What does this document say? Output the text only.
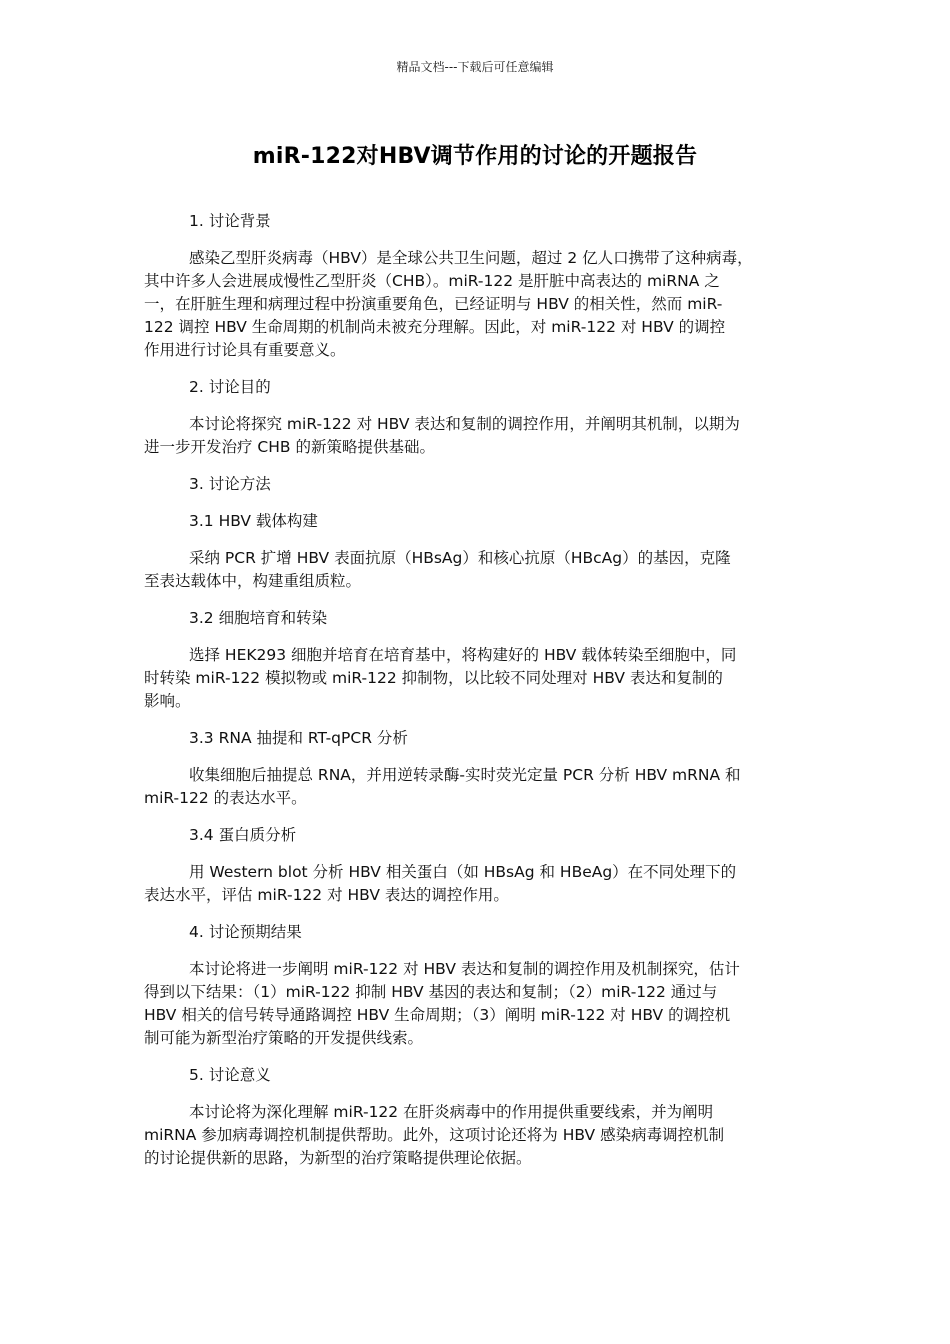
精品文档---下载后可任意编辑
miR-122对HBV调节作用的讨论的开题报告
1. 讨论背景
感染乙型肝炎病毒（HBV）是全球公共卫生问题，超过 2 亿人口携带了这种病毒，
其中许多人会进展成慢性乙型肝炎（CHB）。miR-122 是肝脏中高表达的 miRNA 之
一，在肝脏生理和病理过程中扮演重要角色，已经证明与 HBV 的相关性，然而 miR-
122 调控 HBV 生命周期的机制尚未被充分理解。因此，对 miR-122 对 HBV 的调控
作用进行讨论具有重要意义。
2. 讨论目的
本讨论将探究 miR-122 对 HBV 表达和复制的调控作用，并阐明其机制，以期为
进一步开发治疗 CHB 的新策略提供基础。
3. 讨论方法
3.1 HBV 载体构建
采纳 PCR 扩增 HBV 表面抗原（HBsAg）和核心抗原（HBcAg）的基因，克隆
至表达载体中，构建重组质粒。
3.2 细胞培育和转染
选择 HEK293 细胞并培育在培育基中，将构建好的 HBV 载体转染至细胞中，同
时转染 miR-122 模拟物或 miR-122 抑制物，以比较不同处理对 HBV 表达和复制的
影响。
3.3 RNA 抽提和 RT-qPCR 分析
收集细胞后抽提总 RNA，并用逆转录酶-实时荧光定量 PCR 分析 HBV mRNA 和
miR-122 的表达水平。
3.4 蛋白质分析
用 Western blot 分析 HBV 相关蛋白（如 HBsAg 和 HBeAg）在不同处理下的
表达水平，评估 miR-122 对 HBV 表达的调控作用。
4. 讨论预期结果
本讨论将进一步阐明 miR-122 对 HBV 表达和复制的调控作用及机制探究，估计
得到以下结果：（1）miR-122 抑制 HBV 基因的表达和复制；（2）miR-122 通过与
HBV 相关的信号转导通路调控 HBV 生命周期；（3）阐明 miR-122 对 HBV 的调控机
制可能为新型治疗策略的开发提供线索。
5. 讨论意义
本讨论将为深化理解 miR-122 在肝炎病毒中的作用提供重要线索，并为阐明
miRNA 参加病毒调控机制提供帮助。此外，这项讨论还将为 HBV 感染病毒调控机制
的讨论提供新的思路，为新型的治疗策略提供理论依据。
